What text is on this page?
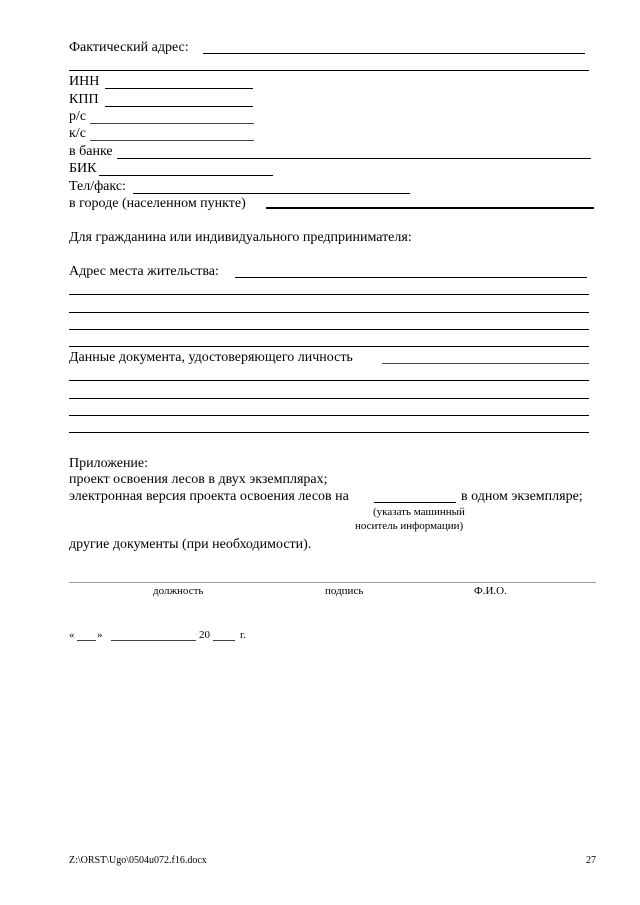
Фактический адрес:
ИНН
КПП
р/с
к/с
в банке
БИК
Тел/факс:
в городе (населенном пункте)
Для гражданина или индивидуального предпринимателя:
Адрес места жительства:
Данные документа, удостоверяющего личность
Приложение:
проект освоения лесов в двух экземплярах;
электронная версия проекта освоения лесов на	в одном экземпляре;
(указать машинный
носитель информации)
другие документы (при необходимости).
должность	подпись	Ф.И.О.
« »	20	г.
Z:\ORST\Ugo\0504u072.f16.docx	27
